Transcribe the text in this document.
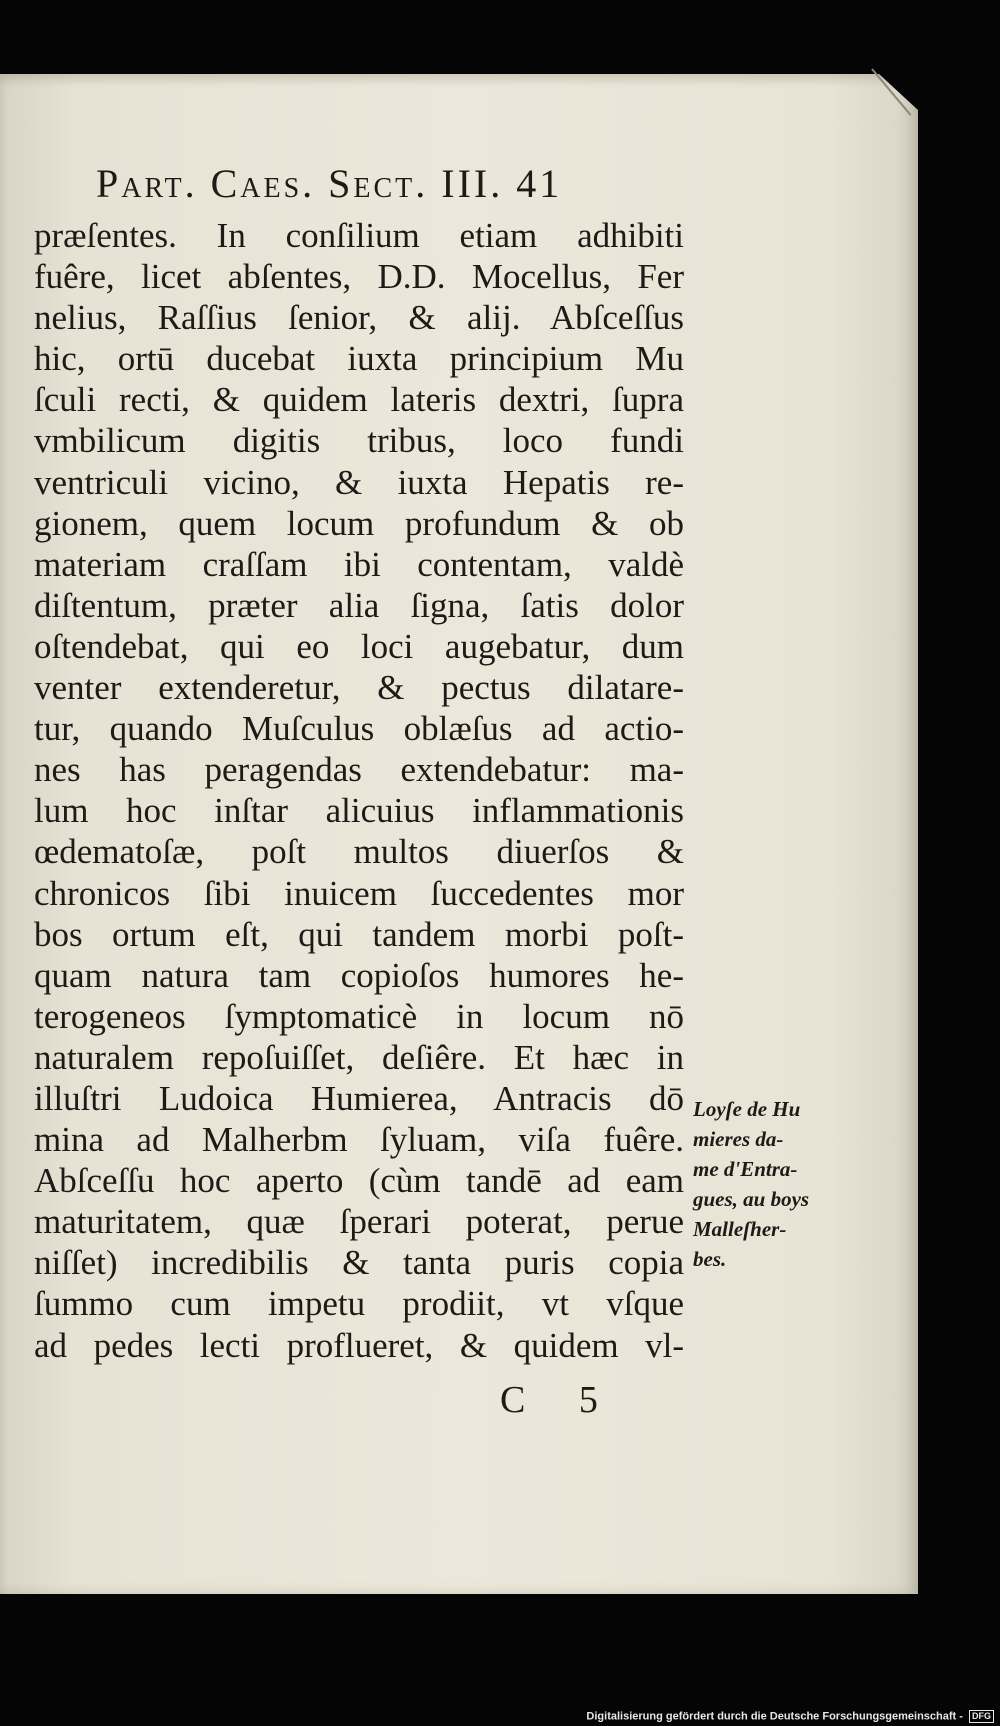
Part. Caes. Sect. III. 41
præſentes. In conſilium etiam adhibiti
fuêre, licet abſentes, D.D. Mocellus, Fer
nelius, Raſſius ſenior, & alij. Abſceſſus
hic, ortū ducebat iuxta principium Mu
ſculi recti, & quidem lateris dextri, ſupra
vmbilicum digitis tribus, loco fundi
ventriculi vicino, & iuxta Hepatis re-
gionem, quem locum profundum & ob
materiam craſſam ibi contentam, valdè
diſtentum, præter alia ſigna, ſatis dolor
oſtendebat, qui eo loci augebatur, dum
venter extenderetur, & pectus dilatare-
tur, quando Muſculus oblæſus ad actio-
nes has peragendas extendebatur: ma-
lum hoc inſtar alicuius inflammationis
œdematoſæ, poſt multos diuerſos &
chronicos ſibi inuicem ſuccedentes mor
bos ortum eſt, qui tandem morbi poſt-
quam natura tam copioſos humores he-
terogeneos ſymptomaticè in locum nō
naturalem repoſuiſſet, deſiêre. Et hæc in
illuſtri Ludoica Humierea, Antracis dō
mina ad Malherbm ſyluam, viſa fuêre.
Abſceſſu hoc aperto (cùm tandē ad eam
maturitatem, quæ ſperari poterat, perue
niſſet) incredibilis & tanta puris copia
ſummo cum impetu prodiit, vt vſque
ad pedes lecti proflueret, & quidem vl-
Loyſe de Hu
mieres da-
me d'Entra-
gues, au boys
Malleſher-
bes.
C 5
Digitalisierung gefördert durch die Deutsche Forschungsgemeinschaft - DFG
